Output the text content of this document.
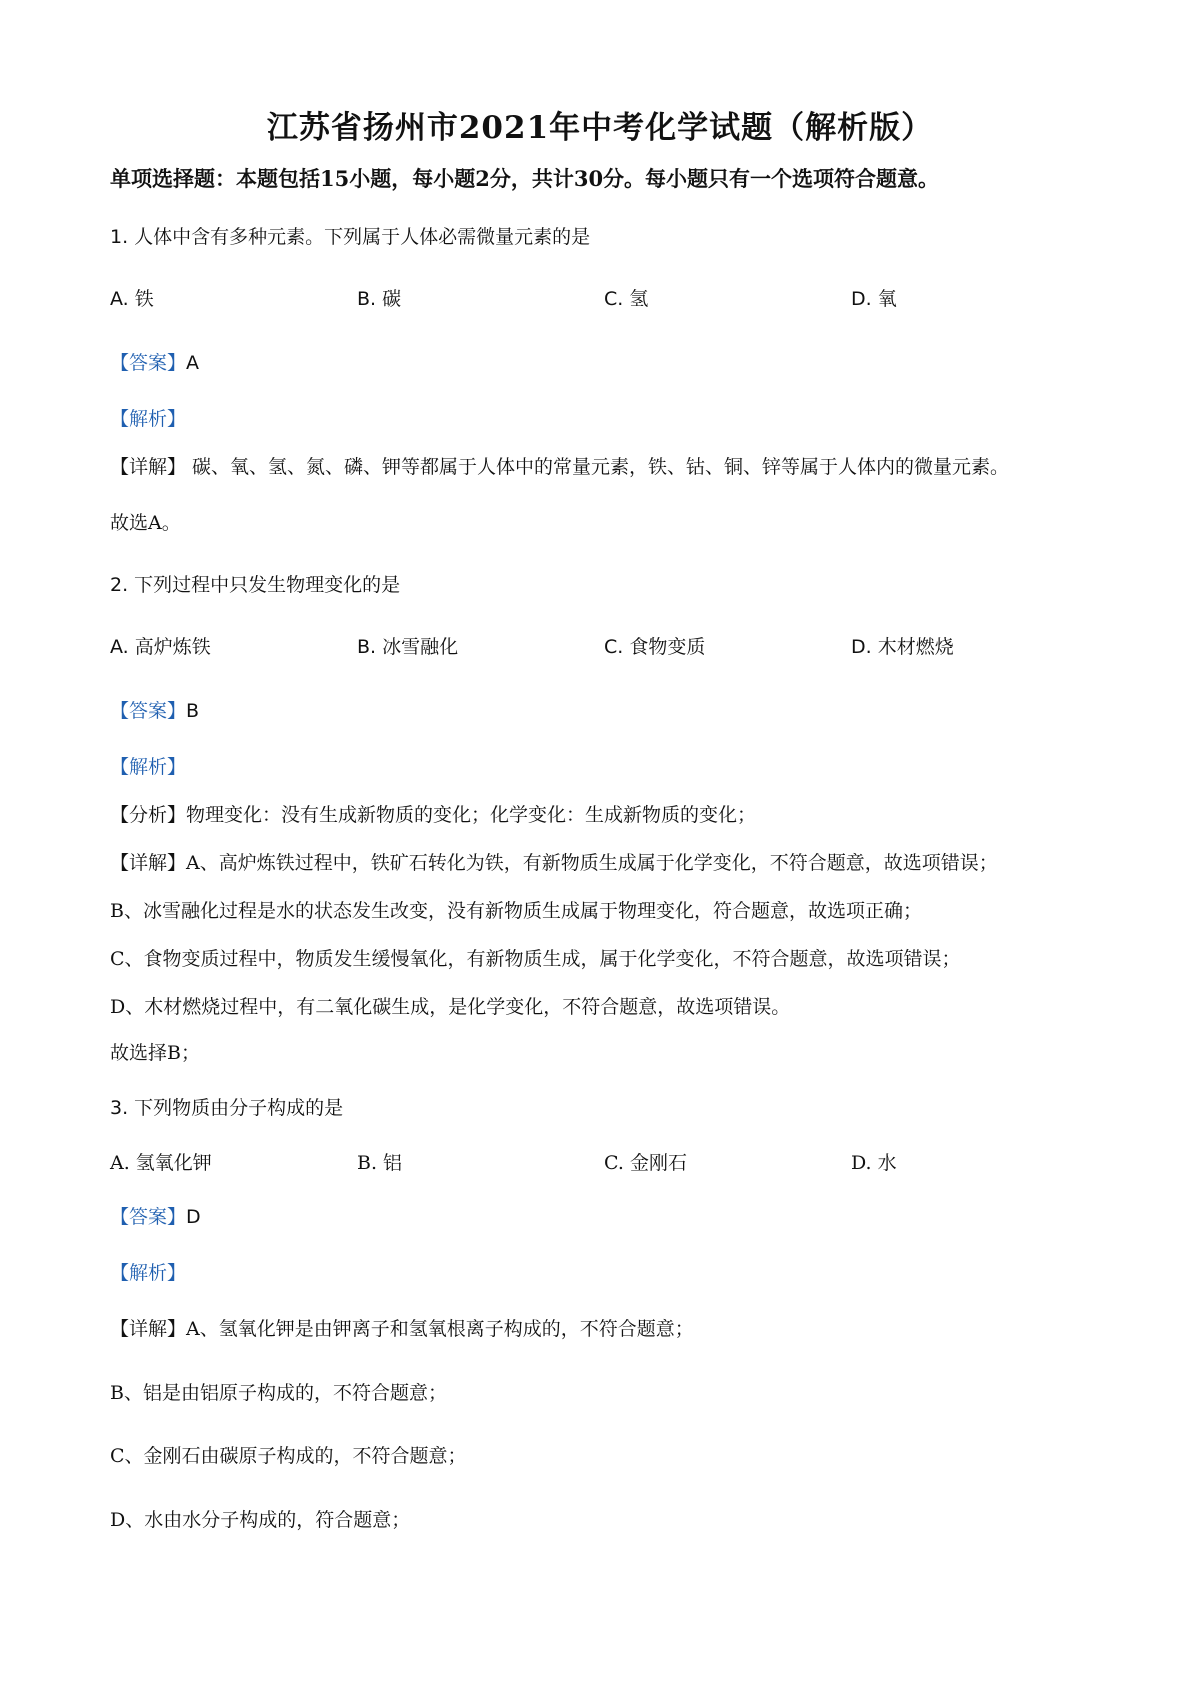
江苏省扬州市2021年中考化学试题（解析版）
单项选择题：本题包括15小题，每小题2分，共计30分。每小题只有一个选项符合题意。
1. 人体中含有多种元素。下列属于人体必需微量元素的是
A. 铁	B. 碳	C. 氢	D. 氧
【答案】A
【解析】
【详解】 碳、氧、氢、氮、磷、钾等都属于人体中的常量元素，铁、钴、铜、锌等属于人体内的微量元素。
故选A。
2. 下列过程中只发生物理变化的是
A. 高炉炼铁	B. 冰雪融化	C. 食物变质	D. 木材燃烧
【答案】B
【解析】
【分析】物理变化：没有生成新物质的变化；化学变化：生成新物质的变化；
【详解】A、高炉炼铁过程中，铁矿石转化为铁，有新物质生成属于化学变化，不符合题意，故选项错误；
B、冰雪融化过程是水的状态发生改变，没有新物质生成属于物理变化，符合题意，故选项正确；
C、食物变质过程中，物质发生缓慢氧化，有新物质生成，属于化学变化，不符合题意，故选项错误；
D、木材燃烧过程中，有二氧化碳生成，是化学变化，不符合题意，故选项错误。
故选择B；
3. 下列物质由分子构成的是
A. 氢氧化钾	B. 铝	C. 金刚石	D. 水
【答案】D
【解析】
【详解】A、氢氧化钾是由钾离子和氢氧根离子构成的，不符合题意；
B、铝是由铝原子构成的，不符合题意；
C、金刚石由碳原子构成的，不符合题意；
D、水由水分子构成的，符合题意；
